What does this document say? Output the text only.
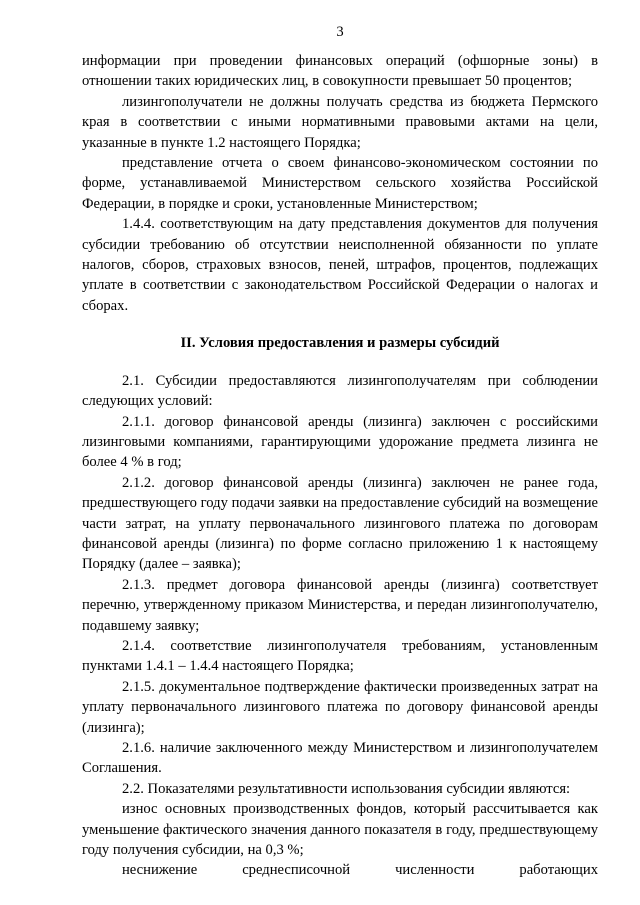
3

информации при проведении финансовых операций (офшорные зоны) в отношении таких юридических лиц, в совокупности превышает 50 процентов;

лизингополучатели не должны получать средства из бюджета Пермского края в соответствии с иными нормативными правовыми актами на цели, указанные в пункте 1.2 настоящего Порядка;

представление отчета о своем финансово-экономическом состоянии по форме, устанавливаемой Министерством сельского хозяйства Российской Федерации, в порядке и сроки, установленные Министерством;

1.4.4. соответствующим на дату представления документов для получения субсидии требованию об отсутствии неисполненной обязанности по уплате налогов, сборов, страховых взносов, пеней, штрафов, процентов, подлежащих уплате в соответствии с законодательством Российской Федерации о налогах и сборах.

II. Условия предоставления и размеры субсидий

2.1. Субсидии предоставляются лизингополучателям при соблюдении следующих условий:

2.1.1. договор финансовой аренды (лизинга) заключен с российскими лизинговыми компаниями, гарантирующими удорожание предмета лизинга не более 4 % в год;

2.1.2. договор финансовой аренды (лизинга) заключен не ранее года, предшествующего году подачи заявки на предоставление субсидий на возмещение части затрат, на уплату первоначального лизингового платежа по договорам финансовой аренды (лизинга) по форме согласно приложению 1 к настоящему Порядку (далее – заявка);

2.1.3. предмет договора финансовой аренды (лизинга) соответствует перечню, утвержденному приказом Министерства, и передан лизингополучателю, подавшему заявку;

2.1.4. соответствие лизингополучателя требованиям, установленным пунктами 1.4.1 – 1.4.4 настоящего Порядка;

2.1.5. документальное подтверждение фактически произведенных затрат на уплату первоначального лизингового платежа по договору финансовой аренды (лизинга);

2.1.6. наличие заключенного между Министерством и лизингополучателем Соглашения.

2.2. Показателями результативности использования субсидии являются:

износ основных производственных фондов, который рассчитывается как уменьшение фактического значения данного показателя в году, предшествующему году получения субсидии, на 0,3 %;

неснижение среднесписочной численности работающих
